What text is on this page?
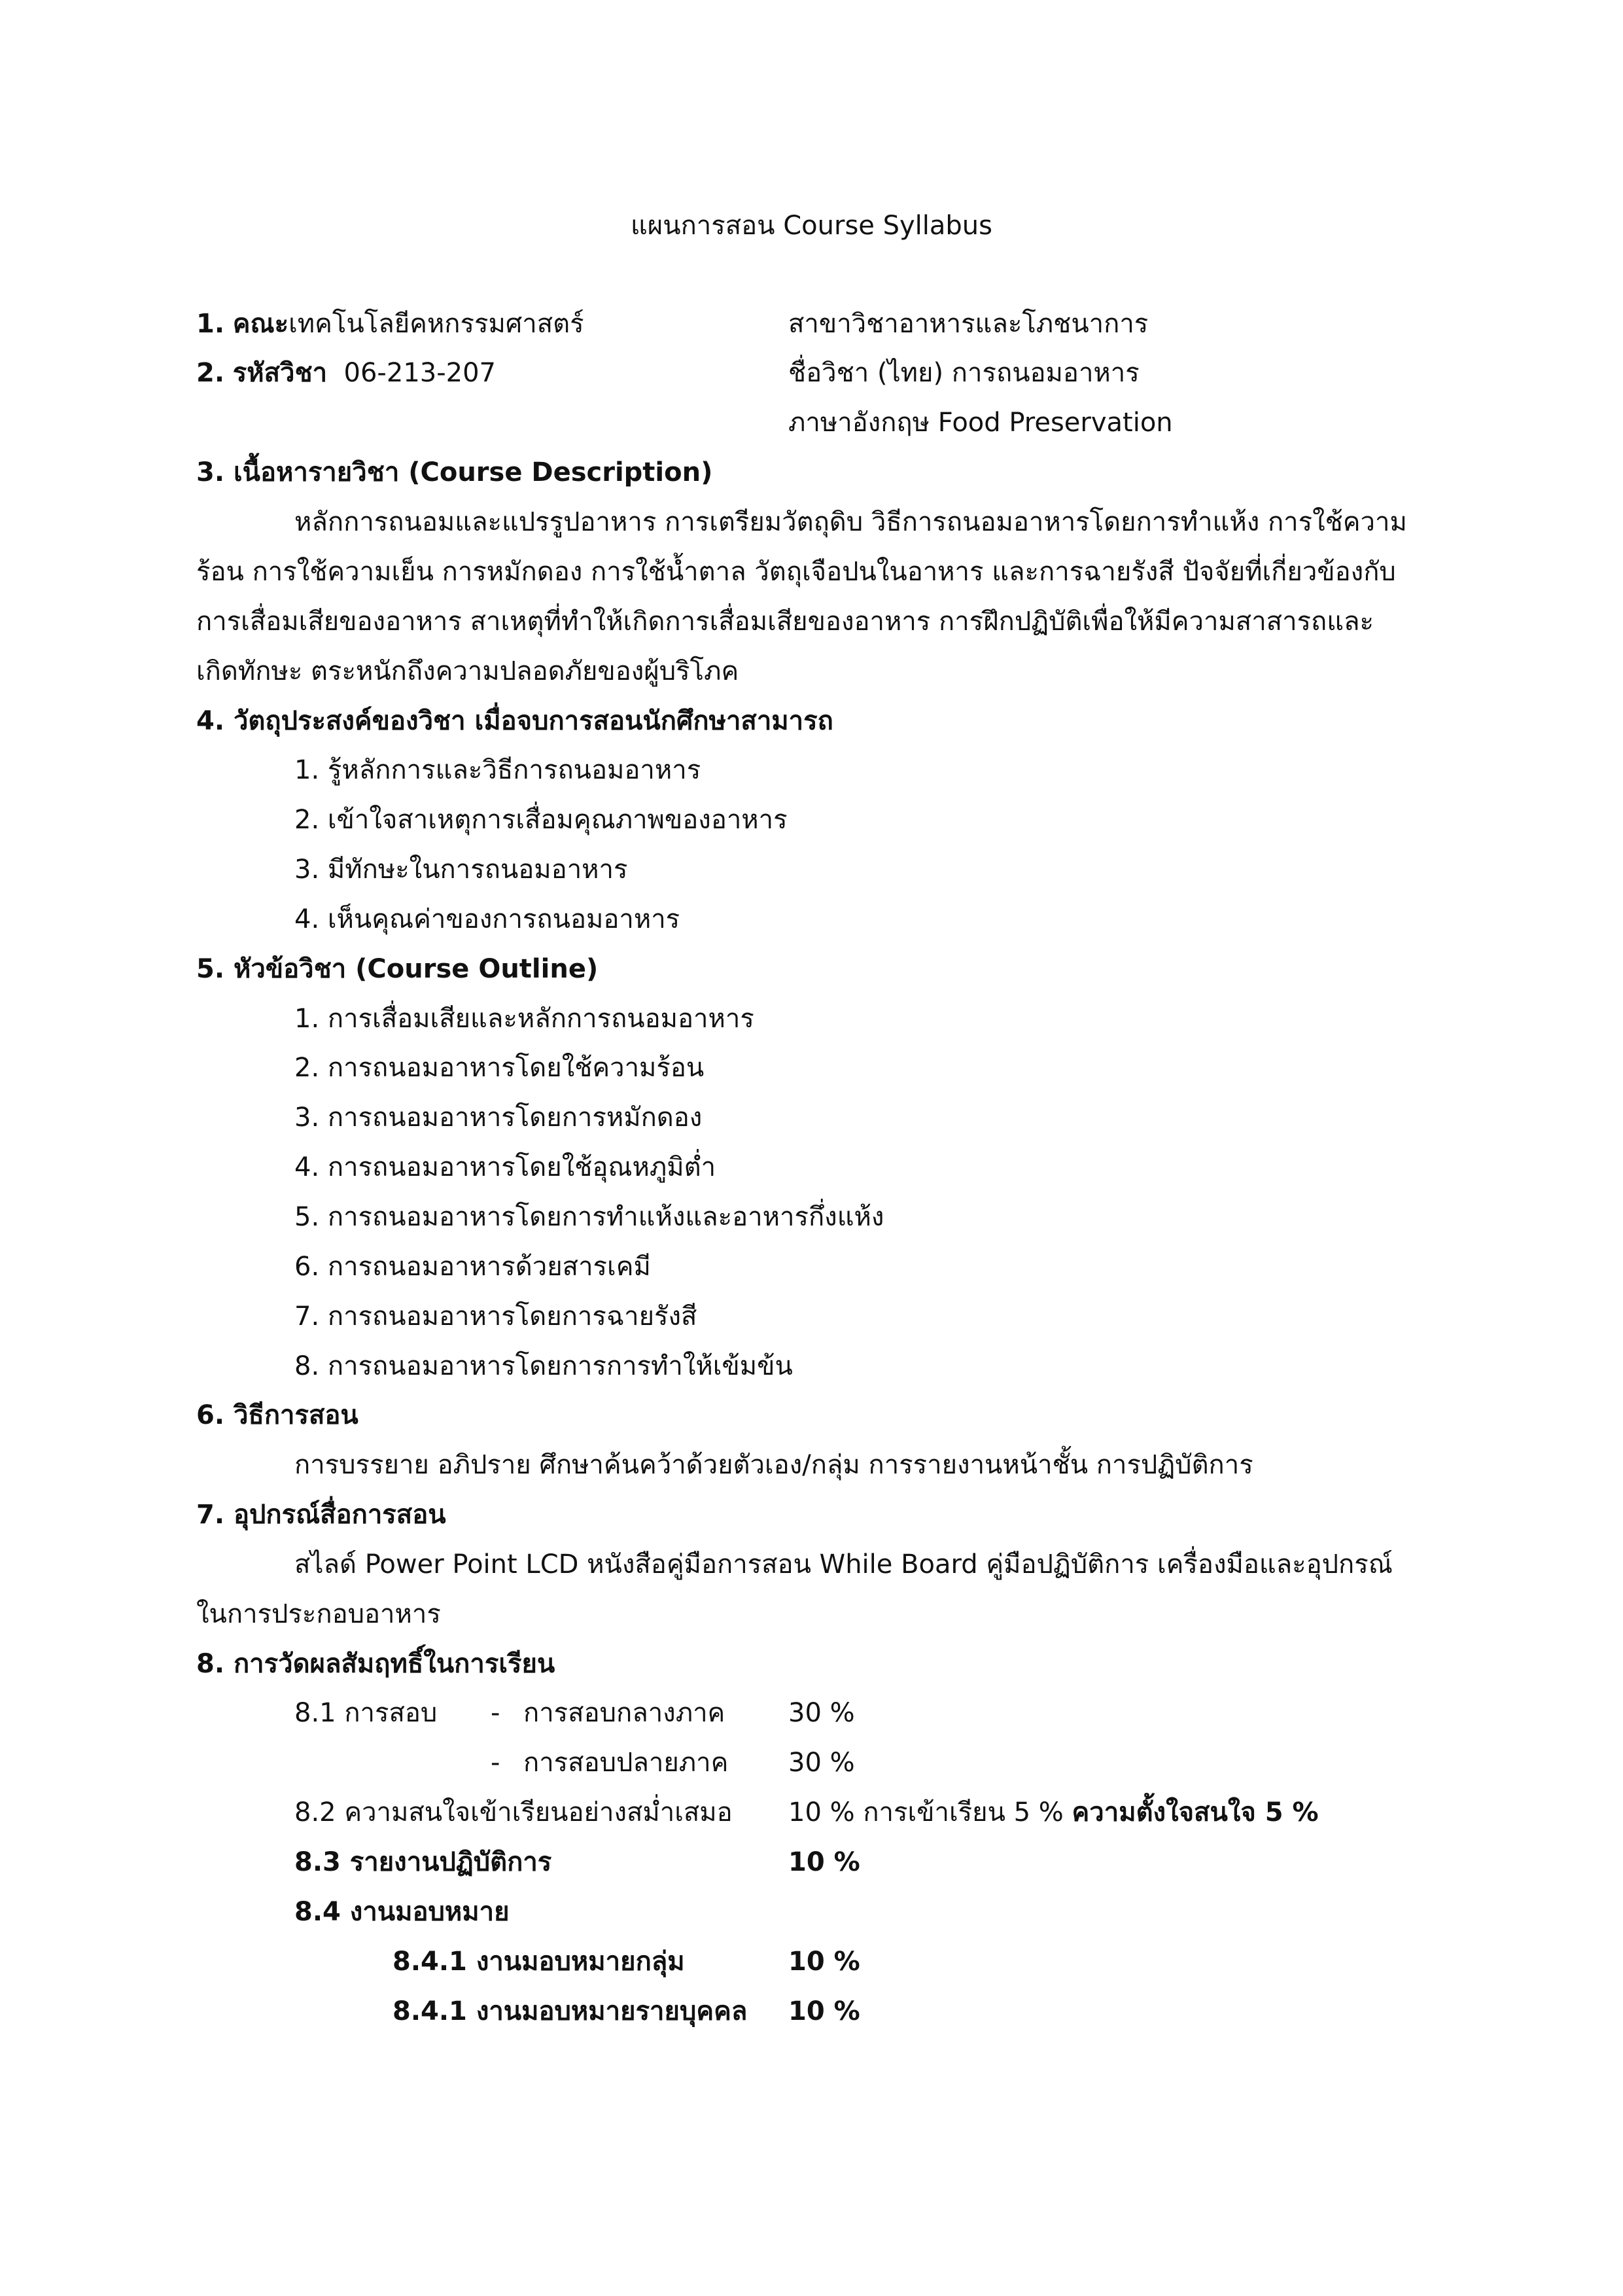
แผนการสอน Course Syllabus
1. คณะเทคโนโลยีคหกรรมศาสตร์	สาขาวิชาอาหารและโภชนาการ
2. รหัสวิชา 06-213-207	ชื่อวิชา (ไทย) การถนอมอาหาร
ภาษาอังกฤษ Food Preservation
3. เนื้อหารายวิชา (Course Description)
หลักการถนอมและแปรรูปอาหาร การเตรียมวัตถุดิบ วิธีการถนอมอาหารโดยการทำแห้ง การใช้ความ
ร้อน การใช้ความเย็น การหมักดอง การใช้น้ำตาล วัตถุเจือปนในอาหาร และการฉายรังสี ปัจจัยที่เกี่ยวข้องกับ
การเสื่อมเสียของอาหาร สาเหตุที่ทำให้เกิดการเสื่อมเสียของอาหาร การฝึกปฏิบัติเพื่อให้มีความสาสารถและ
เกิดทักษะ ตระหนักถึงความปลอดภัยของผู้บริโภค
4. วัตถุประสงค์ของวิชา เมื่อจบการสอนนักศึกษาสามารถ
1. รู้หลักการและวิธีการถนอมอาหาร
2. เข้าใจสาเหตุการเสื่อมคุณภาพของอาหาร
3. มีทักษะในการถนอมอาหาร
4. เห็นคุณค่าของการถนอมอาหาร
5. หัวข้อวิชา (Course Outline)
1. การเสื่อมเสียและหลักการถนอมอาหาร
2. การถนอมอาหารโดยใช้ความร้อน
3. การถนอมอาหารโดยการหมักดอง
4. การถนอมอาหารโดยใช้อุณหภูมิต่ำ
5. การถนอมอาหารโดยการทำแห้งและอาหารกึ่งแห้ง
6. การถนอมอาหารด้วยสารเคมี
7. การถนอมอาหารโดยการฉายรังสี
8. การถนอมอาหารโดยการการทำให้เข้มข้น
6. วิธีการสอน
การบรรยาย อภิปราย ศึกษาค้นคว้าด้วยตัวเอง/กลุ่ม การรายงานหน้าชั้น การปฏิบัติการ
7. อุปกรณ์สื่อการสอน
สไลด์ Power Point LCD หนังสือคู่มือการสอน While Board คู่มือปฏิบัติการ เครื่องมือและอุปกรณ์
ในการประกอบอาหาร
8. การวัดผลสัมฤทธิ์ในการเรียน
8.1 การสอบ - การสอบกลางภาค 30 %
- การสอบปลายภาค 30 %
8.2 ความสนใจเข้าเรียนอย่างสม่ำเสมอ 10 % การเข้าเรียน 5 % ความตั้งใจสนใจ 5 %
8.3 รายงานปฏิบัติการ	10 %
8.4 งานมอบหมาย
8.4.1 งานมอบหมายกลุ่ม	10 %
8.4.1 งานมอบหมายรายบุคคล 10 %
